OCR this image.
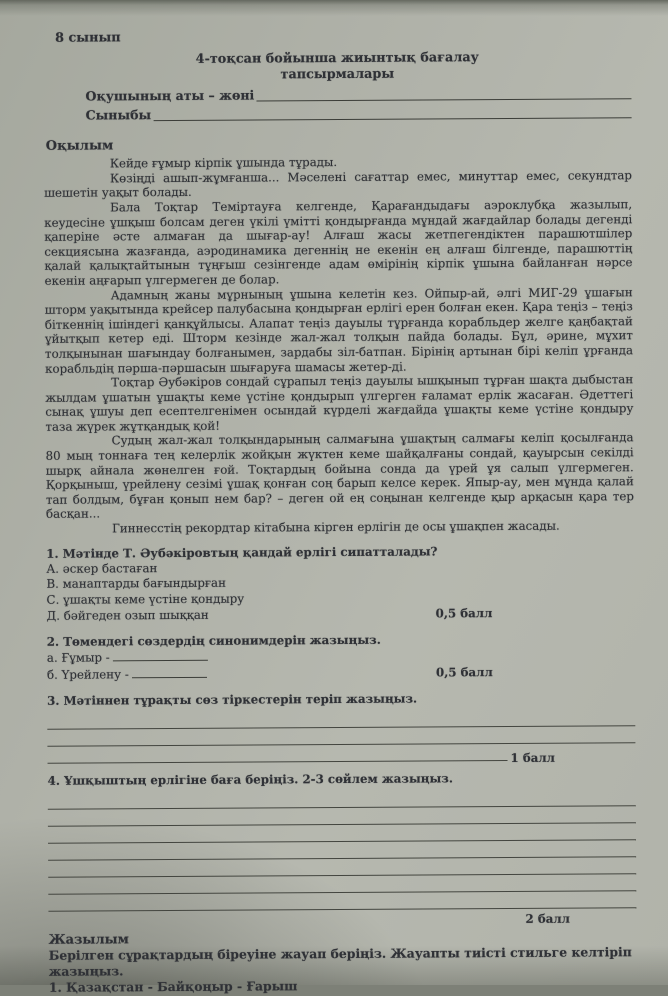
8 сынып
4-тоқсан бойынша жиынтық бағалау
тапсырмалары
Оқушының аты – жөні
Сыныбы
Оқылым

Кейде ғұмыр кірпік ұшында тұрады.

Көзіңді ашып-жұмғанша... Мәселені сағаттар емес, минуттар емес, секундтар шешетін уақыт болады.

Бала Тоқтар Теміртауға келгенде, Қарағандыдағы аэроклубқа жазылып, кеудесіне ұшқыш болсам деген үкілі үмітті қондырғанда мұндай жағдайлар болады дегенді қаперіне әсте алмаған да шығар-ау! Алғаш жасы жетпегендіктен парашютшілер секциясына жазғанда, аэродинамика дегеннің не екенін ең алғаш білгенде, парашюттің қалай қалықтайтынын тұңғыш сезінгенде адам өмірінің кірпік ұшына байланған нәрсе екенін аңғарып үлгермеген де болар.

Адамның жаны мұрнының ұшына келетін кез. Ойпыр-ай, әлгі МИГ-29 ұшағын шторм уақытында крейсер палубасына қондырған ерлігі ерен болған екен. Қара теңіз – теңіз біткеннің ішіндегі қанқұйлысы. Алапат теңіз дауылы тұрғанда корабльдер желге қаңбақтай ұйытқып кетер еді. Шторм кезінде жал-жал толқын пайда болады. Бұл, әрине, мұхит толқынынан шағындау болғанымен, зардабы зіл-батпан. Бірінің артынан бірі келіп ұрғанда корабльдің пәрша-пәршасын шығаруға шамасы жетер-ді.

Тоқтар Әубәкіров сондай сұрапыл теңіз дауылы ышқынып тұрған шақта дыбыстан жылдам ұшатын ұшақты кеме үстіне қондырып үлгерген ғаламат ерлік жасаған. Әдеттегі сынақ ұшуы деп есептелгенімен осындай күрделі жағдайда ұшақты кеме үстіне қондыру таза жүрек жұтқандық қой!

Судың жал-жал толқындарының салмағына ұшақтың салмағы келіп қосылғанда 80 мың тоннаға тең келерлік жойқын жүктен кеме шайқалғаны сондай, қауырсын секілді шырқ айнала жөнелген ғой. Тоқтардың бойына сонда да үрей ұя салып үлгермеген. Қорқыныш, үрейлену сезімі ұшақ қонған соң барып келсе керек. Япыр-ау, мен мұнда қалай тап болдым, бұған қонып нем бар? – деген ой ең соңынан келгенде қыр арқасын қара тер басқан...

Гиннесстің рекордтар кітабына кірген ерлігін де осы ұшақпен жасады.

1. Мәтінде Т. Әубәкіровтың қандай ерлігі сипатталады?
А. әскер бастаған
В. манаптарды бағындырған
С. ұшақты кеме үстіне қондыру
Д. бәйгеден озып шыққан	0,5 балл
2. Төмендегі сөздердің синонимдерін жазыңыз.
а. Ғұмыр -
б. Үрейлену -	0,5 балл
3. Мәтіннен тұрақты сөз тіркестерін теріп жазыңыз.
1 балл
4. Ұшқыштың ерлігіне баға беріңіз. 2-3 сөйлем жазыңыз.
2 балл
Жазылым
Берілген сұрақтардың біреуіне жауап беріңіз. Жауапты тиісті стильге келтіріп жазыңыз.
1. Қазақстан - Байқоңыр - Ғарыш
